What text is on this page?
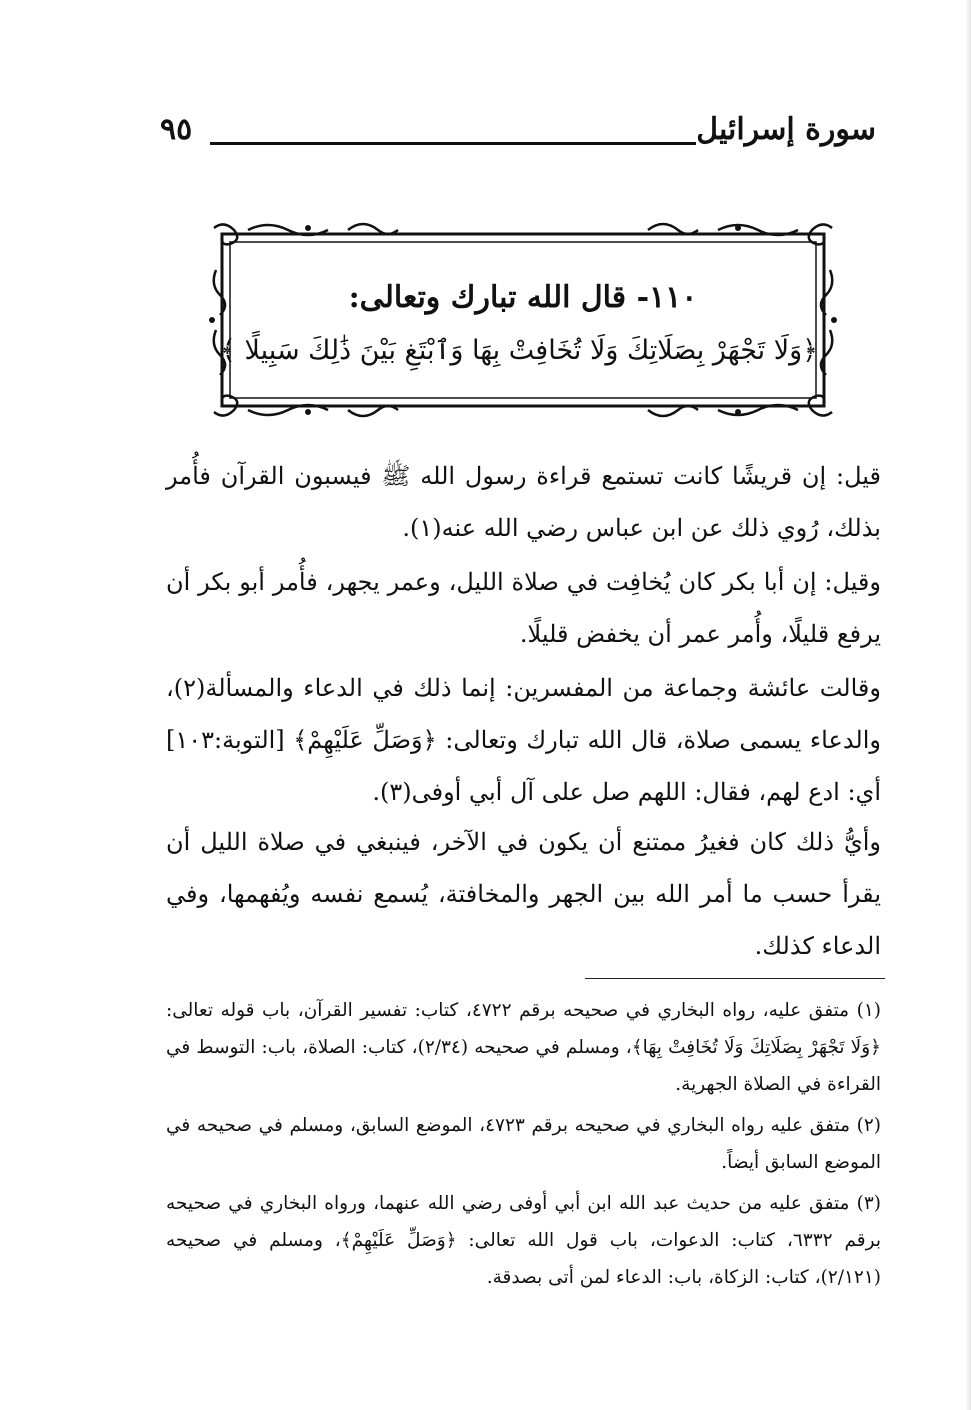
سورة إسرائيل
٩٥
١١٠- قال الله تبارك وتعالى:
﴿وَلَا تَجْهَرْ بِصَلَاتِكَ وَلَا تُخَافِتْ بِهَا وَٱبْتَغِ بَيْنَ ذَٰلِكَ سَبِيلًا ﴾

قيل: إن قريشًا كانت تستمع قراءة رسول الله ﷺ فيسبون القرآن فأُمر بذلك، رُوي ذلك عن ابن عباس رضي الله عنه(١).

وقيل: إن أبا بكر كان يُخافِت في صلاة الليل، وعمر يجهر، فأُمر أبو بكر أن يرفع قليلًا، وأُمر عمر أن يخفض قليلًا.

وقالت عائشة وجماعة من المفسرين: إنما ذلك في الدعاء والمسألة(٢)، والدعاء يسمى صلاة، قال الله تبارك وتعالى: ﴿وَصَلِّ عَلَيْهِمْ﴾ [التوبة:١٠٣] أي: ادع لهم، فقال: اللهم صل على آل أبي أوفى(٣).

وأيُّ ذلك كان فغيرُ ممتنع أن يكون في الآخر، فينبغي في صلاة الليل أن يقرأ حسب ما أمر الله بين الجهر والمخافتة، يُسمع نفسه ويُفهمها، وفي الدعاء كذلك.

(١) متفق عليه، رواه البخاري في صحيحه برقم ٤٧٢٢، كتاب: تفسير القرآن، باب قوله تعالى: ﴿وَلَا تَجْهَرْ بِصَلَاتِكَ وَلَا تُخَافِتْ بِهَا﴾، ومسلم في صحيحه (٢/٣٤)، كتاب: الصلاة، باب: التوسط في القراءة في الصلاة الجهرية.

(٢) متفق عليه رواه البخاري في صحيحه برقم ٤٧٢٣، الموضع السابق، ومسلم في صحيحه في الموضع السابق أيضاً.

(٣) متفق عليه من حديث عبد الله ابن أبي أوفى رضي الله عنهما، ورواه البخاري في صحيحه برقم ٦٣٣٢، كتاب: الدعوات، باب قول الله تعالى: ﴿وَصَلِّ عَلَيْهِمْ﴾، ومسلم في صحيحه (٢/١٢١)، كتاب: الزكاة، باب: الدعاء لمن أتى بصدقة.
